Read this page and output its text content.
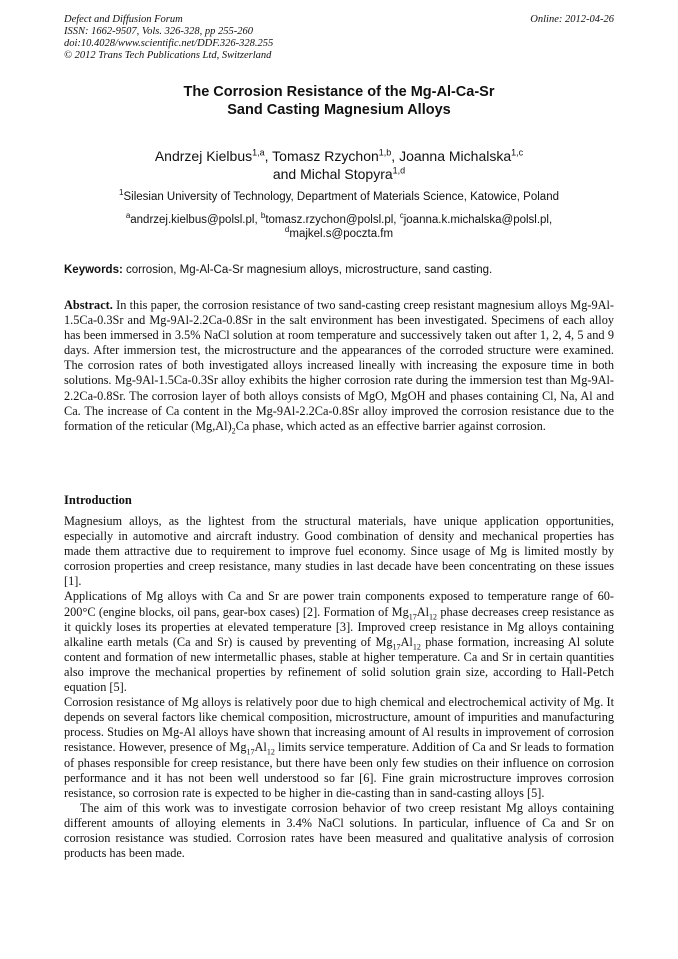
Defect and Diffusion Forum
ISSN: 1662-9507, Vols. 326-328, pp 255-260
doi:10.4028/www.scientific.net/DDF.326-328.255
© 2012 Trans Tech Publications Ltd, Switzerland
Online: 2012-04-26
The Corrosion Resistance of the Mg-Al-Ca-Sr
Sand Casting Magnesium Alloys
Andrzej Kielbus$^{1,a}$, Tomasz Rzychon$^{1,b}$, Joanna Michalska$^{1,c}$
and Michal Stopyra$^{1,d}$
$^1$Silesian University of Technology, Department of Materials Science, Katowice, Poland
$^a$andrzej.kielbus@polsl.pl, $^b$tomasz.rzychon@polsl.pl, $^c$joanna.k.michalska@polsl.pl,
$^d$majkel.s@poczta.fm
Keywords: corrosion, Mg-Al-Ca-Sr magnesium alloys, microstructure, sand casting.
Abstract. In this paper, the corrosion resistance of two sand-casting creep resistant magnesium alloys Mg-9Al-1.5Ca-0.3Sr and Mg-9Al-2.2Ca-0.8Sr in the salt environment has been investigated. Specimens of each alloy has been immersed in 3.5% NaCl solution at room temperature and successively taken out after 1, 2, 4, 5 and 9 days. After immersion test, the microstructure and the appearances of the corroded structure were examined. The corrosion rates of both investigated alloys increased lineally with increasing the exposure time in both solutions. Mg-9Al-1.5Ca-0.3Sr alloy exhibits the higher corrosion rate during the immersion test than Mg-9Al-2.2Ca-0.8Sr. The corrosion layer of both alloys consists of MgO, MgOH and phases containing Cl, Na, Al and Ca. The increase of Ca content in the Mg-9Al-2.2Ca-0.8Sr alloy improved the corrosion resistance due to the formation of the reticular $(Mg,Al)_2Ca$ phase, which acted as an effective barrier against corrosion.
Introduction

Magnesium alloys, as the lightest from the structural materials, have unique application opportunities, especially in automotive and aircraft industry. Good combination of density and mechanical properties has made them attractive due to requirement to improve fuel economy. Since usage of Mg is limited mostly by corrosion properties and creep resistance, many studies in last decade have been concentrating on these issues [1].

Applications of Mg alloys with Ca and Sr are power train components exposed to temperature range of 60-200°C (engine blocks, oil pans, gear-box cases) [2]. Formation of $Mg_{17}Al_{12}$ phase decreases creep resistance as it quickly loses its properties at elevated temperature [3]. Improved creep resistance in Mg alloys containing alkaline earth metals (Ca and Sr) is caused by preventing of $Mg_{17}Al_{12}$ phase formation, increasing Al solute content and formation of new intermetallic phases, stable at higher temperature. Ca and Sr in certain quantities also improve the mechanical properties by refinement of solid solution grain size, according to Hall-Petch equation [5].

Corrosion resistance of Mg alloys is relatively poor due to high chemical and electrochemical activity of Mg. It depends on several factors like chemical composition, microstructure, amount of impurities and manufacturing process. Studies on Mg-Al alloys have shown that increasing amount of Al results in improvement of corrosion resistance. However, presence of $Mg_{17}Al_{12}$ limits service temperature. Addition of Ca and Sr leads to formation of phases responsible for creep resistance, but there have been only few studies on their influence on corrosion performance and it has not been well understood so far [6]. Fine grain microstructure improves corrosion resistance, so corrosion rate is expected to be higher in die-casting than in sand-casting alloys [5].

The aim of this work was to investigate corrosion behavior of two creep resistant Mg alloys containing different amounts of alloying elements in 3.4% NaCl solutions. In particular, influence of Ca and Sr on corrosion resistance was studied. Corrosion rates have been measured and qualitative analysis of corrosion products has been made.
